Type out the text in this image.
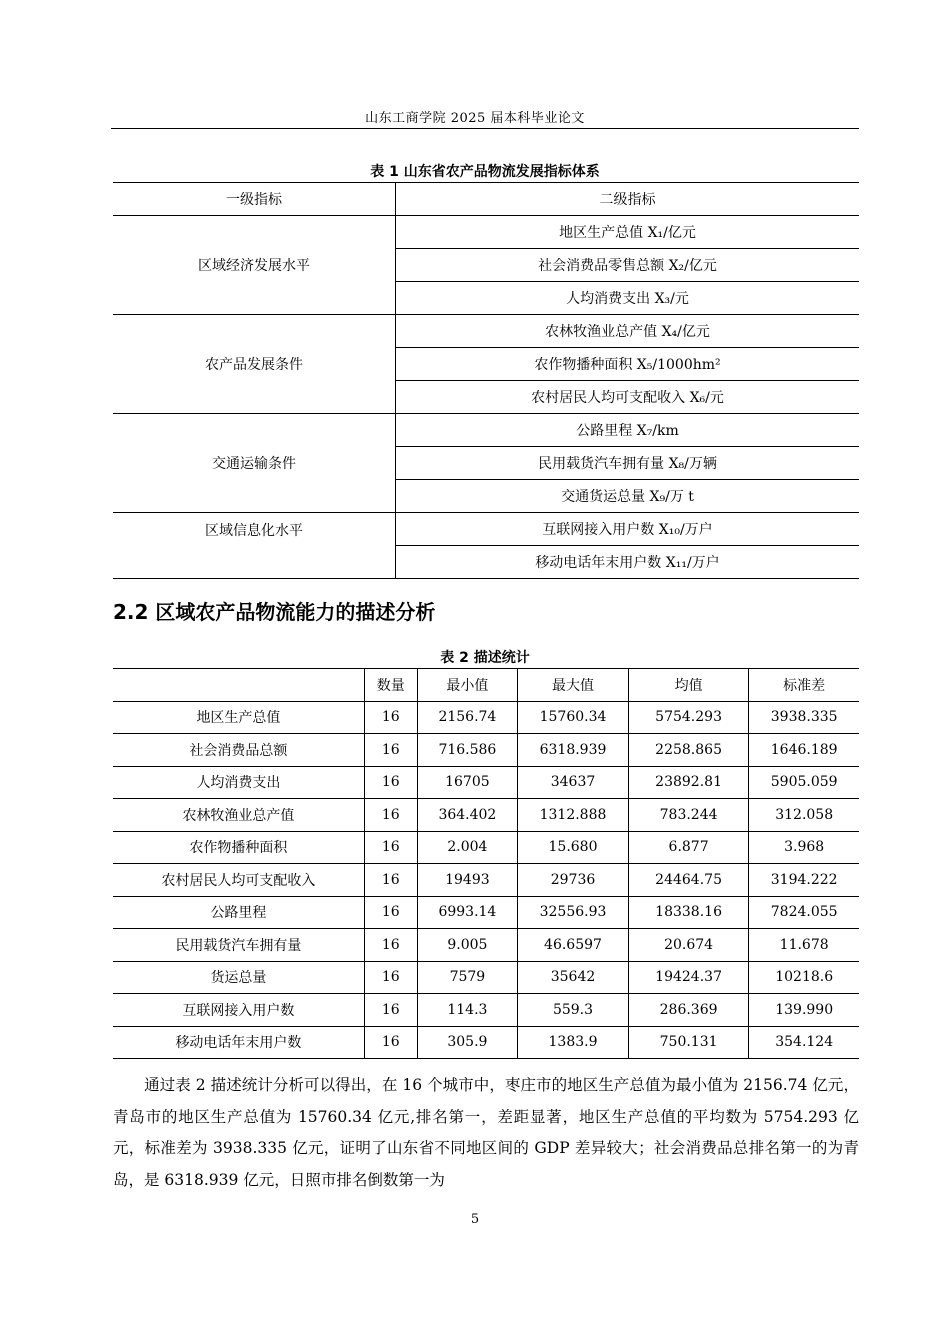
山东工商学院 2025 届本科毕业论文
表 1 山东省农产品物流发展指标体系
一级指标	二级指标
区域经济发展水平	地区生产总值 X₁/亿元
	社会消费品零售总额 X₂/亿元
	人均消费支出 X₃/元
农产品发展条件	农林牧渔业总产值 X₄/亿元
	农作物播种面积 X₅/1000hm²
	农村居民人均可支配收入 X₆/元
交通运输条件	公路里程 X₇/km
	民用载货汽车拥有量 X₈/万辆
	交通货运总量 X₉/万 t
区域信息化水平	互联网接入用户数 X₁₀/万户
	移动电话年末用户数 X₁₁/万户
2.2 区域农产品物流能力的描述分析
表 2 描述统计
	数量	最小值	最大值	均值	标准差
地区生产总值	16	2156.74	15760.34	5754.293	3938.335
社会消费品总额	16	716.586	6318.939	2258.865	1646.189
人均消费支出	16	16705	34637	23892.81	5905.059
农林牧渔业总产值	16	364.402	1312.888	783.244	312.058
农作物播种面积	16	2.004	15.680	6.877	3.968
农村居民人均可支配收入	16	19493	29736	24464.75	3194.222
公路里程	16	6993.14	32556.93	18338.16	7824.055
民用载货汽车拥有量	16	9.005	46.6597	20.674	11.678
货运总量	16	7579	35642	19424.37	10218.6
互联网接入用户数	16	114.3	559.3	286.369	139.990
移动电话年末用户数	16	305.9	1383.9	750.131	354.124
　　通过表 2 描述统计分析可以得出，在 16 个城市中，枣庄市的地区生产总值为最小值为 2156.74 亿元，青岛市的地区生产总值为 15760.34 亿元,排名第一，差距显著，地区生产总值的平均数为 5754.293 亿元，标准差为 3938.335 亿元，证明了山东省不同地区间的 GDP 差异较大；社会消费品总排名第一的为青岛，是 6318.939 亿元，日照市排名倒数第一为
5
